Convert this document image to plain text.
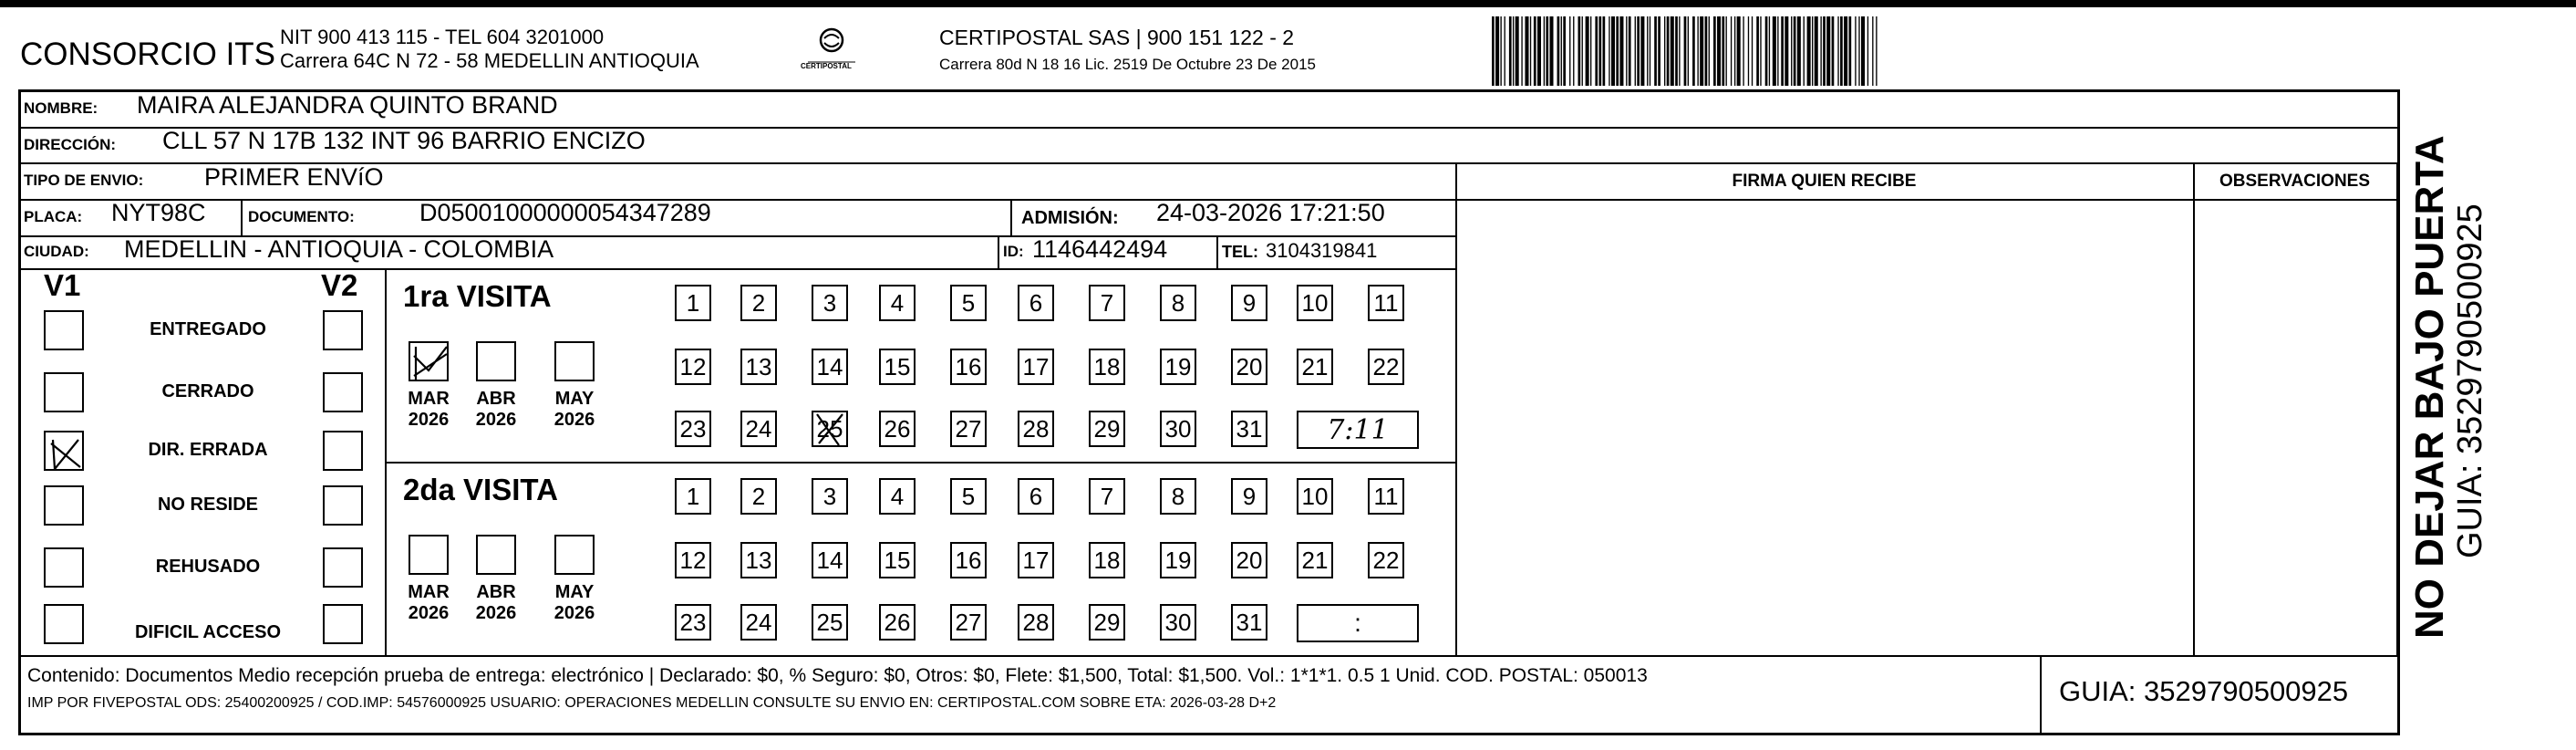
CONSORCIO ITS NIT 900 413 115 - TEL 604 3201000
Carrera 64C N 72 - 58 MEDELLIN ANTIOQUIA	CERTIPOSTAL
CERTIPOSTAL SAS | 900 151 122 - 2
Carrera 80d N 18 16 Lic. 2519 De Octubre 23 De 2015
NOMBRE: MAIRA ALEJANDRA QUINTO BRAND
DIRECCIÓN: CLL 57 N 17B 132 INT 96 BARRIO ENCIZO
TIPO DE ENVIO: PRIMER ENVíO	FIRMA QUIEN RECIBE	OBSERVACIONES
PLACA: NYT98C	DOCUMENTO:	D05001000000054347289	ADMISIÓN: 24-03-2026 17:21:50
CIUDAD: MEDELLIN - ANTIOQUIA - COLOMBIA	ID: 1146442494	TEL: 3104319841
V1	V2
ENTREGADO
CERRADO
DIR. ERRADA
NO RESIDE
REHUSADO
DIFICIL ACCESO
1ra VISITA
MAR
2026
ABR
2026
MAY
2026
1 2 3 4 5 6 7 8 9 10 11
12 13 14 15 16 17 18 19 20 21 22
23 24 25 26 27 28 29 30 31 7:11
2da VISITA
MAR
2026
ABR
2026
MAY
2026
1 2 3 4 5 6 7 8 9 10 11
12 13 14 15 16 17 18 19 20 21 22
23 24 25 26 27 28 29 30 31	:
Contenido: Documentos Medio recepción prueba de entrega: electrónico | Declarado: $0, % Seguro: $0, Otros: $0, Flete: $1,500, Total: $1,500. Vol.: 1*1*1. 0.5 1 Unid. COD. POSTAL: 050013
IMP POR FIVEPOSTAL ODS: 25400200925 / COD.IMP: 54576000925 USUARIO: OPERACIONES MEDELLIN CONSULTE SU ENVIO EN: CERTIPOSTAL.COM SOBRE ETA: 2026-03-28 D+2	GUIA: 3529790500925
NO DEJAR BAJO PUERTA GUIA: 3529790500925
